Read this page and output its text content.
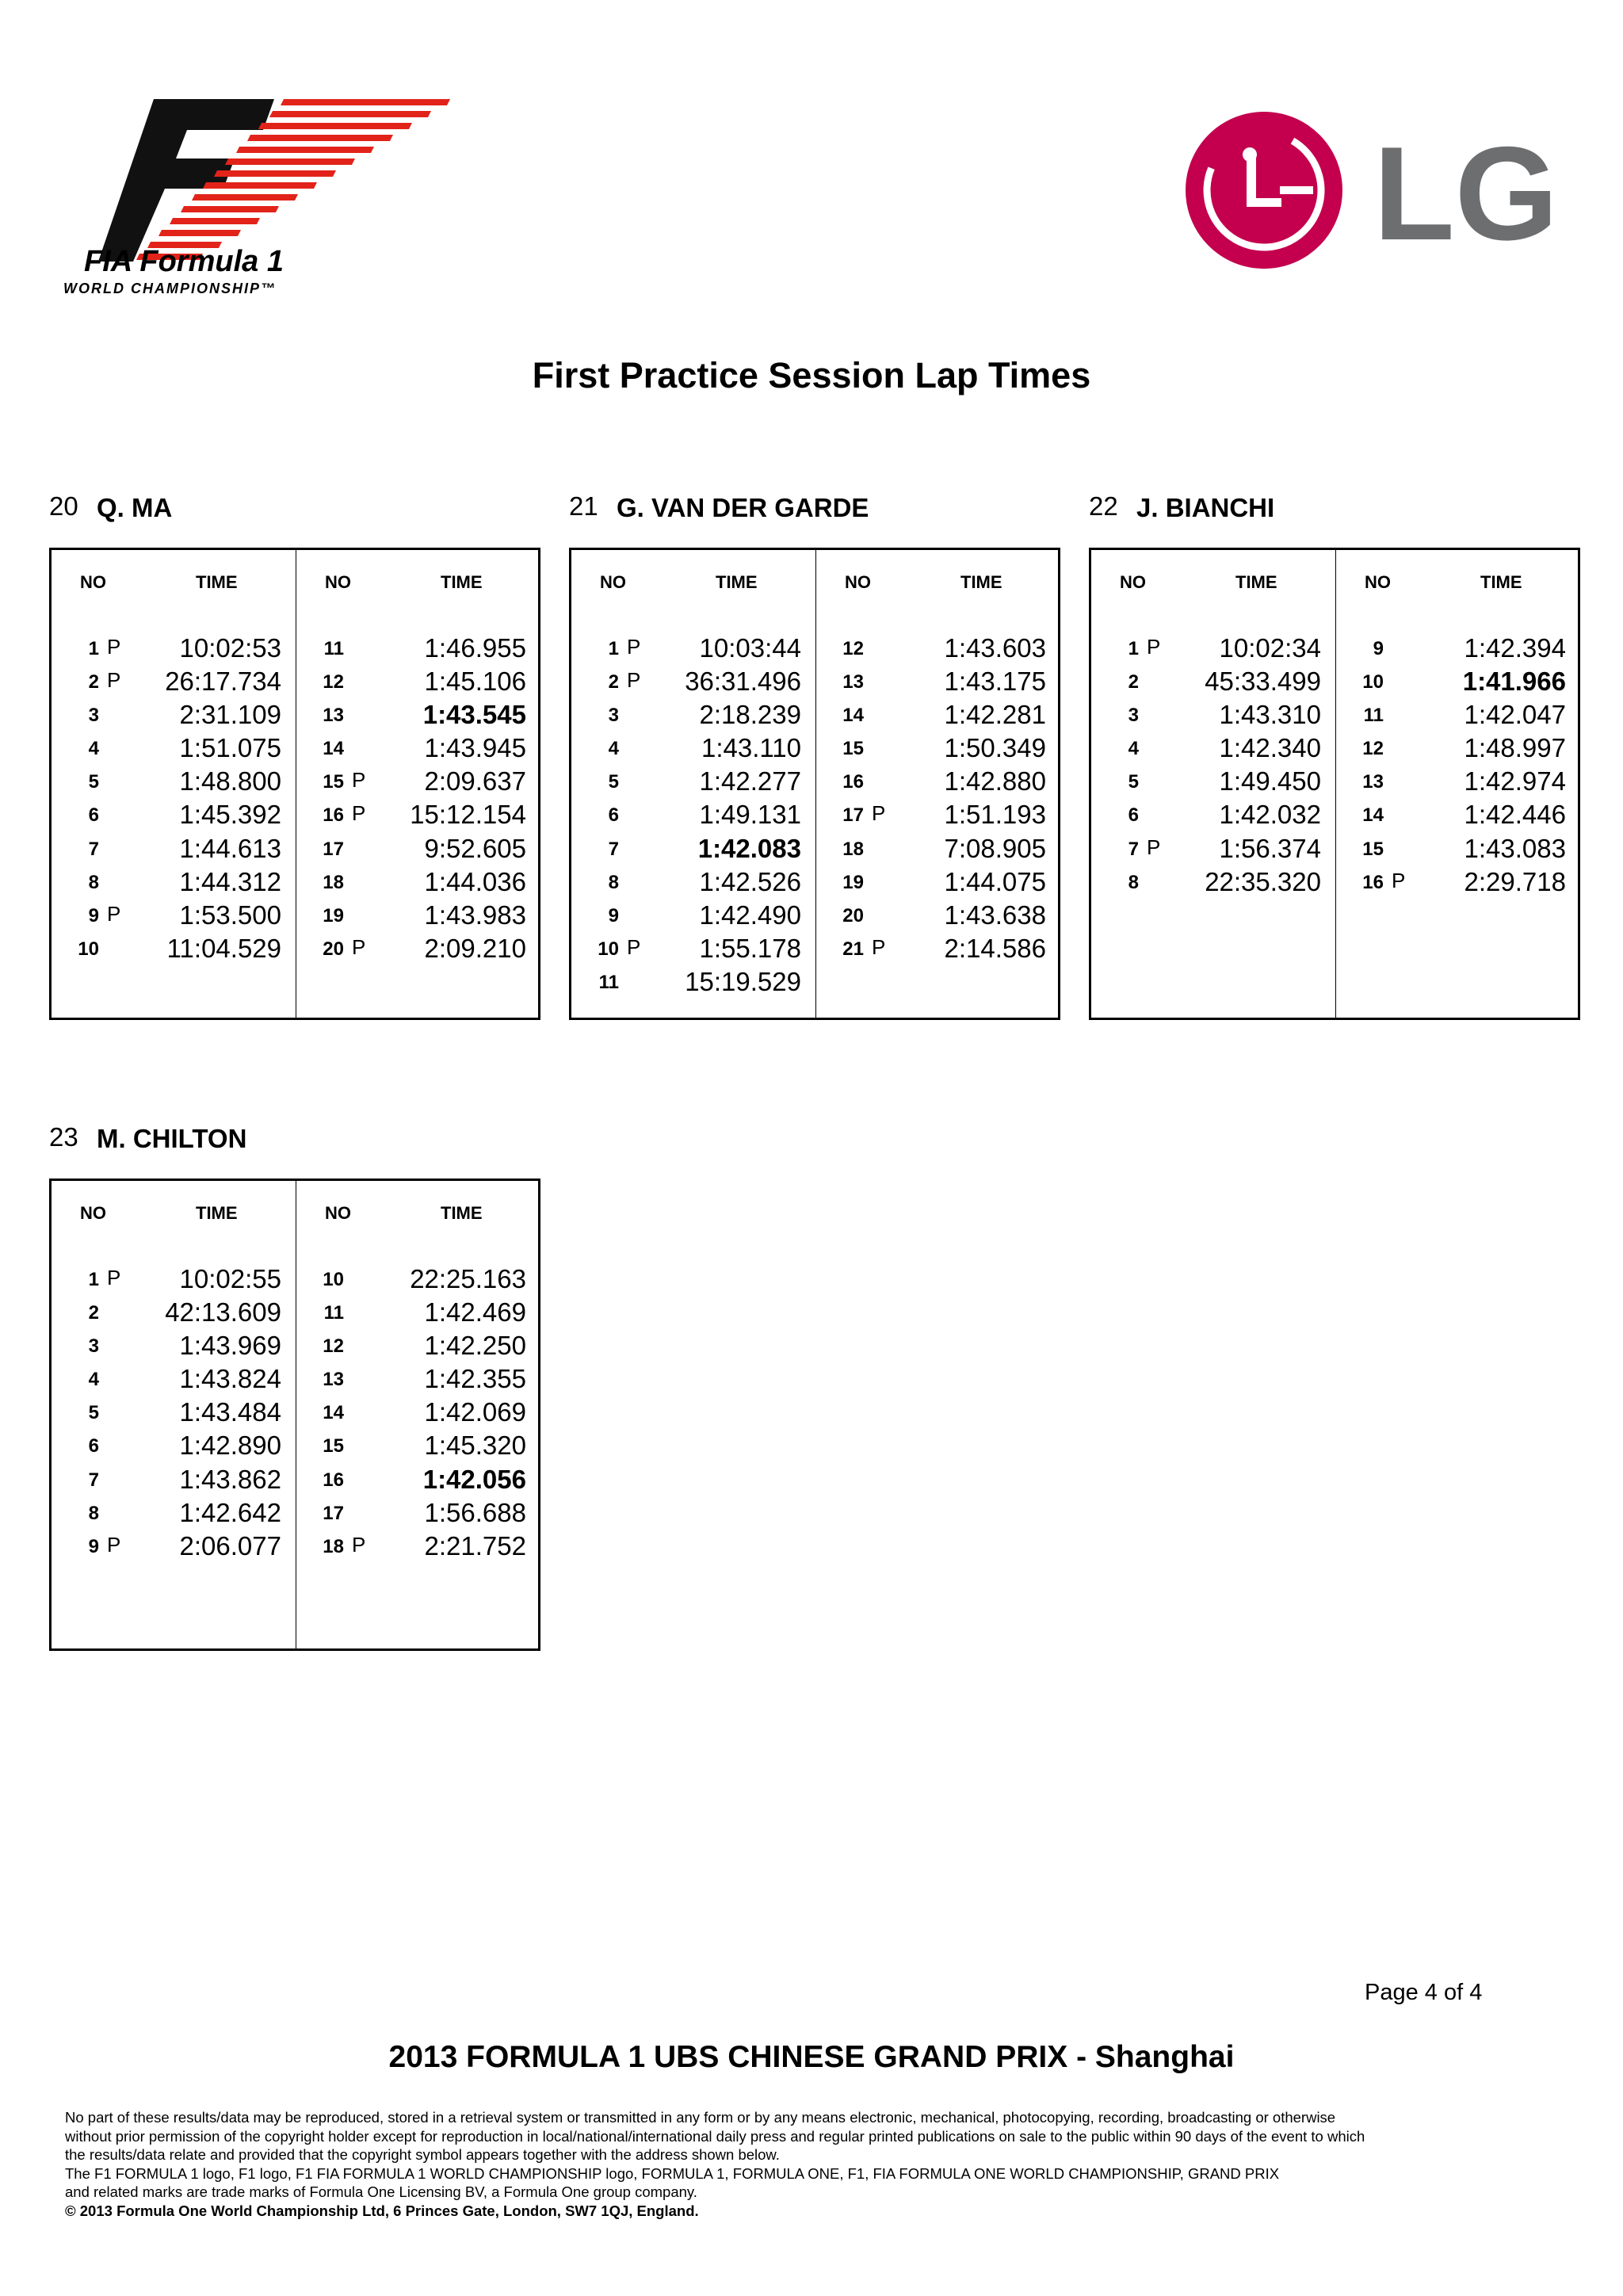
FIA Formula 1
WORLD CHAMPIONSHIP™
LG
First Practice Session Lap Times
20 Q. MA
NO	TIME
1 P 10:02:53
2 P 26:17.734
3	2:31.109
4	1:51.075
5	1:48.800
6	1:45.392
7	1:44.613
8	1:44.312
9 P 1:53.500
10	11:04.529
NO	TIME
11	1:46.955
12	1:45.106
13	1:43.545
14	1:43.945
15 P 2:09.637
16 P 15:12.154
17	9:52.605
18	1:44.036
19	1:43.983
20 P 2:09.210
21 G. VAN DER GARDE
NO	TIME
1 P 10:03:44
2 P 36:31.496
3	2:18.239
4	1:43.110
5	1:42.277
6	1:49.131
7	1:42.083
8	1:42.526
9	1:42.490
10 P 1:55.178
11	15:19.529
NO	TIME
12	1:43.603
13	1:43.175
14	1:42.281
15	1:50.349
16	1:42.880
17 P 1:51.193
18	7:08.905
19	1:44.075
20	1:43.638
21 P 2:14.586
22 J. BIANCHI
NO	TIME
1 P 10:02:34
2	45:33.499
3	1:43.310
4	1:42.340
5	1:49.450
6	1:42.032
7 P 1:56.374
8	22:35.320
NO	TIME
9	1:42.394
10	1:41.966
11	1:42.047
12	1:48.997
13	1:42.974
14	1:42.446
15	1:43.083
16 P 2:29.718
23 M. CHILTON
NO	TIME
1 P 10:02:55
2	42:13.609
3	1:43.969
4	1:43.824
5	1:43.484
6	1:42.890
7	1:43.862
8	1:42.642
9 P 2:06.077
NO	TIME
10	22:25.163
11	1:42.469
12	1:42.250
13	1:42.355
14	1:42.069
15	1:45.320
16	1:42.056
17	1:56.688
18 P 2:21.752
Page 4 of 4
2013 FORMULA 1 UBS CHINESE GRAND PRIX - Shanghai

No part of these results/data may be reproduced, stored in a retrieval system or transmitted in any form or by any means electronic, mechanical, photocopying, recording, broadcasting or otherwise

without prior permission of the copyright holder except for reproduction in local/national/international daily press and regular printed publications on sale to the public within 90 days of the event to which

the results/data relate and provided that the copyright symbol appears together with the address shown below.

The F1 FORMULA 1 logo, F1 logo, F1 FIA FORMULA 1 WORLD CHAMPIONSHIP logo, FORMULA 1, FORMULA ONE, F1, FIA FORMULA ONE WORLD CHAMPIONSHIP, GRAND PRIX

and related marks are trade marks of Formula One Licensing BV, a Formula One group company.

© 2013 Formula One World Championship Ltd, 6 Princes Gate, London, SW7 1QJ, England.
